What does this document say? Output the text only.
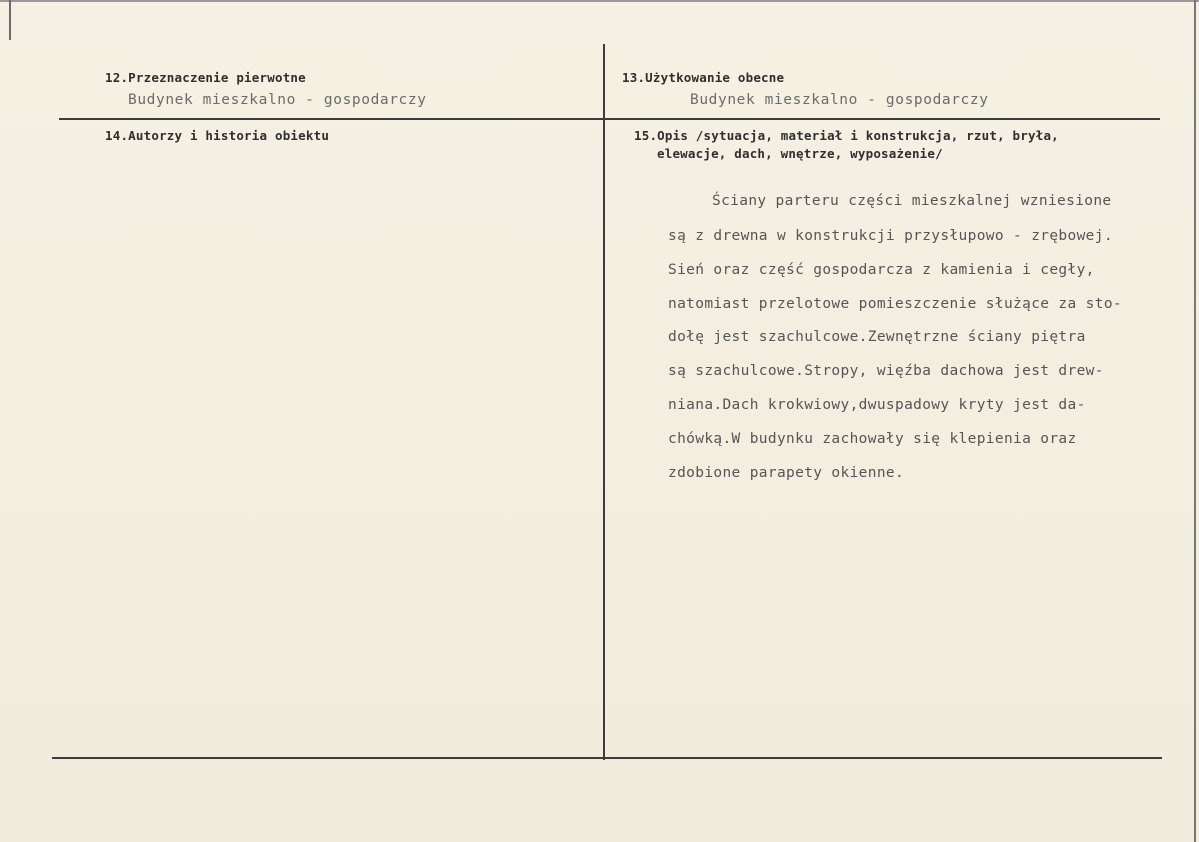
12.Przeznaczenie pierwotne
Budynek mieszkalno - gospodarczy
13.Użytkowanie obecne
Budynek mieszkalno - gospodarczy
14.Autorzy i historia obiektu	15.Opis /sytuacja, materiał i konstrukcja, rzut, bryła,
elewacje, dach, wnętrze, wyposażenie/
Ściany parteru części mieszkalnej wzniesione
są z drewna w konstrukcji przysłupowo - zrębowej.
Sień oraz część gospodarcza z kamienia i cegły,
natomiast przelotowe pomieszczenie służące za sto-
dołę jest szachulcowe.Zewnętrzne ściany piętra
są szachulcowe.Stropy, więźba dachowa jest drew-
niana.Dach krokwiowy,dwuspadowy kryty jest da-
chówką.W budynku zachowały się klepienia oraz
zdobione parapety okienne.
